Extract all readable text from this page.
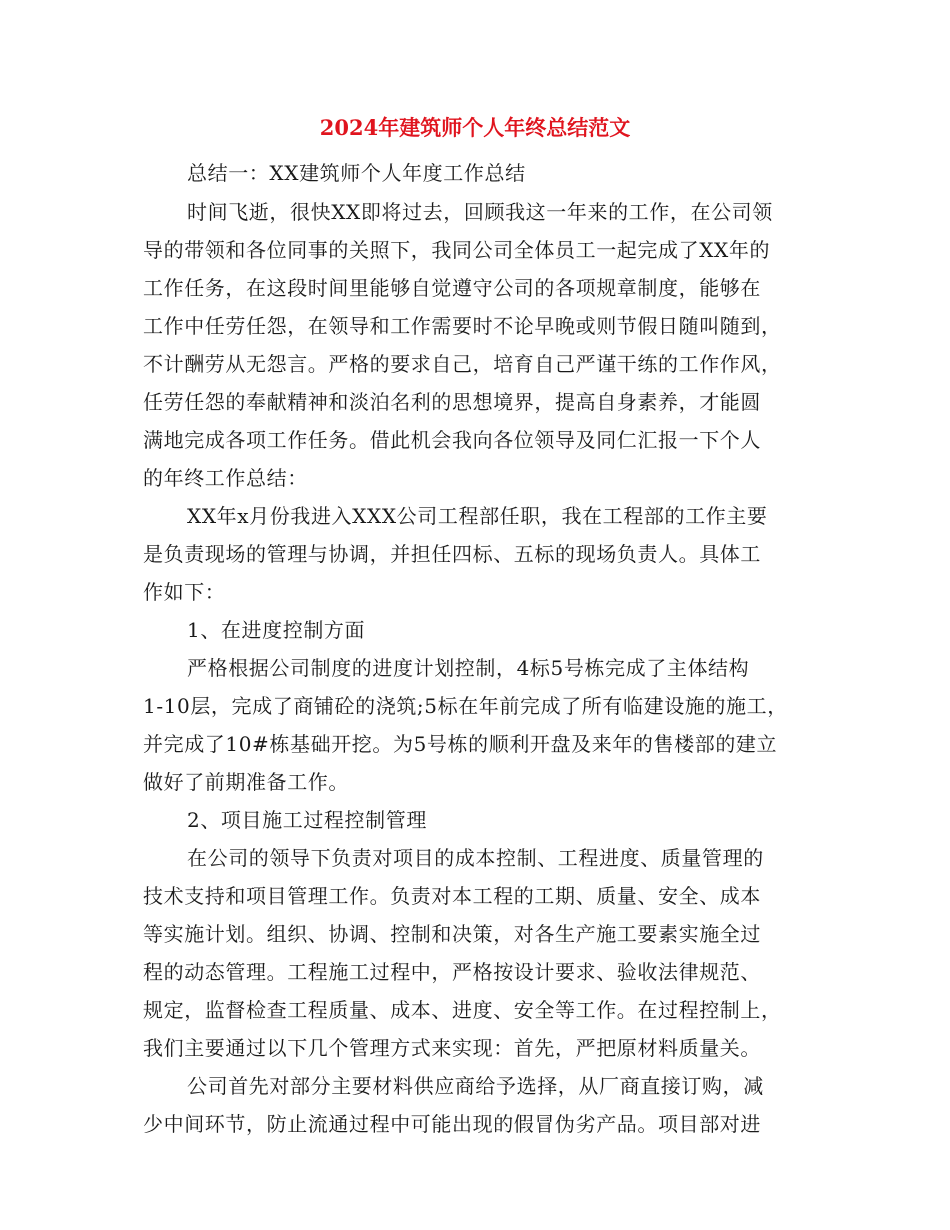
2024年建筑师个人年终总结范文
总结一：XX建筑师个人年度工作总结
时间飞逝，很快XX即将过去，回顾我这一年来的工作，在公司领
导的带领和各位同事的关照下，我同公司全体员工一起完成了XX年的
工作任务，在这段时间里能够自觉遵守公司的各项规章制度，能够在
工作中任劳任怨，在领导和工作需要时不论早晚或则节假日随叫随到，
不计酬劳从无怨言。严格的要求自己，培育自己严谨干练的工作作风，
任劳任怨的奉献精神和淡泊名利的思想境界，提高自身素养，才能圆
满地完成各项工作任务。借此机会我向各位领导及同仁汇报一下个人
的年终工作总结：
XX年x月份我进入XXX公司工程部任职，我在工程部的工作主要
是负责现场的管理与协调，并担任四标、五标的现场负责人。具体工
作如下：
1、在进度控制方面
严格根据公司制度的进度计划控制，4标5号栋完成了主体结构
1-10层，完成了商铺砼的浇筑;5标在年前完成了所有临建设施的施工，
并完成了10#栋基础开挖。为5号栋的顺利开盘及来年的售楼部的建立
做好了前期准备工作。
2、项目施工过程控制管理
在公司的领导下负责对项目的成本控制、工程进度、质量管理的
技术支持和项目管理工作。负责对本工程的工期、质量、安全、成本
等实施计划。组织、协调、控制和决策，对各生产施工要素实施全过
程的动态管理。工程施工过程中，严格按设计要求、验收法律规范、
规定，监督检查工程质量、成本、进度、安全等工作。在过程控制上，
我们主要通过以下几个管理方式来实现：首先，严把原材料质量关。
公司首先对部分主要材料供应商给予选择，从厂商直接订购，减
少中间环节，防止流通过程中可能出现的假冒伪劣产品。项目部对进
